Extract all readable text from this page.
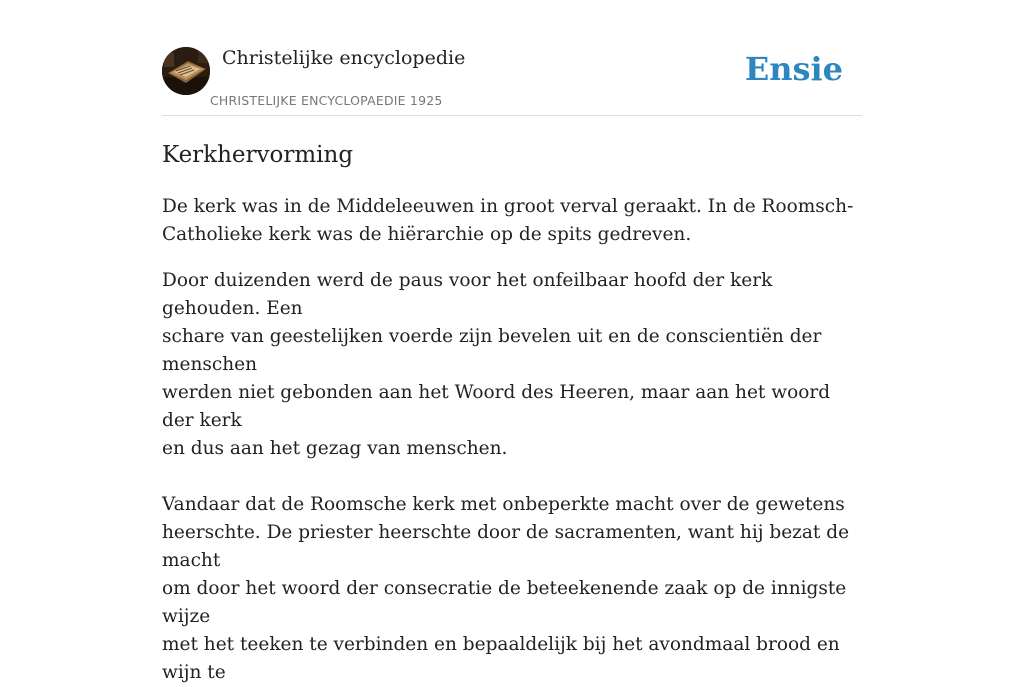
Christelijke encyclopedie
CHRISTELIJKE ENCYCLOPAEDIE 1925
Ensie
Kerkhervorming

De kerk was in de Middeleeuwen in groot verval geraakt. In de Roomsch-
Catholieke kerk was de hiërarchie op de spits gedreven.

Door duizenden werd de paus voor het onfeilbaar hoofd der kerk gehouden. Een
schare van geestelijken voerde zijn bevelen uit en de conscientiën der menschen
werden niet gebonden aan het Woord des Heeren, maar aan het woord der kerk
en dus aan het gezag van menschen.

Vandaar dat de Roomsche kerk met onbeperkte macht over de gewetens
heerschte. De priester heerschte door de sacramenten, want hij bezat de macht
om door het woord der consecratie de beteekenende zaak op de innigste wijze
met het teeken te verbinden en bepaaldelijk bij het avondmaal brood en wijn te
